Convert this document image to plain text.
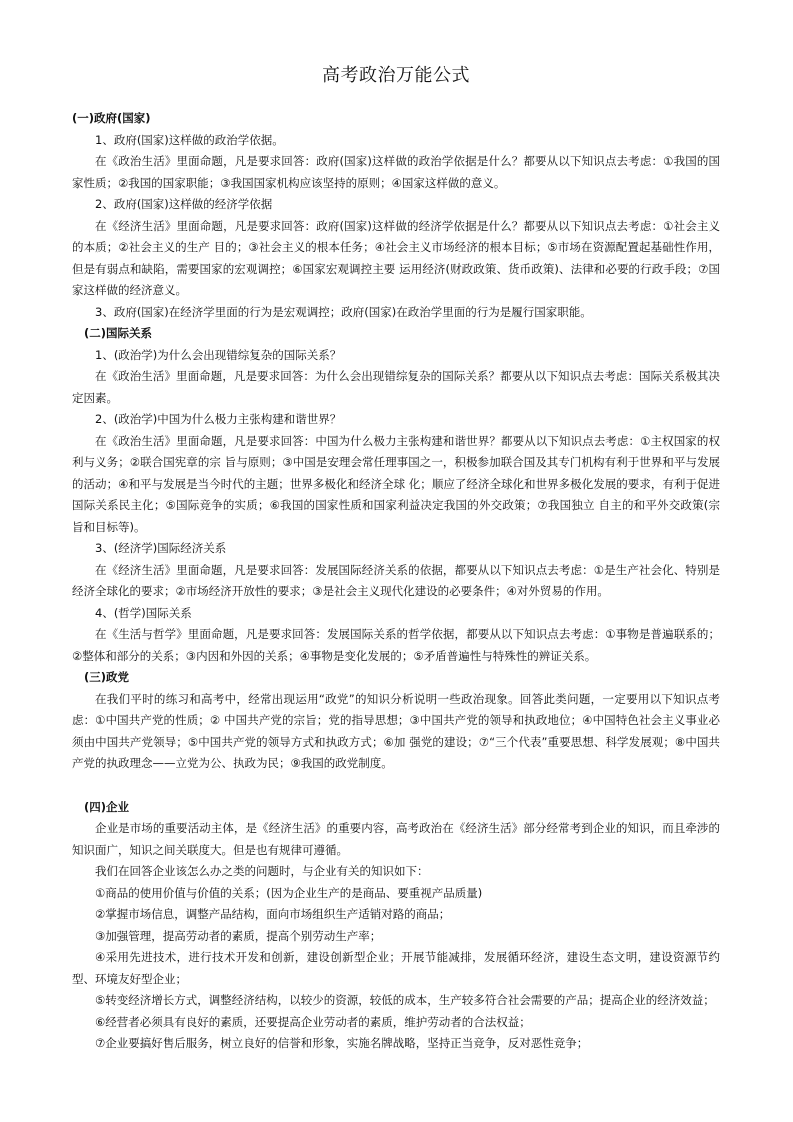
高考政治万能公式

(一)政府(国家)

1、政府(国家)这样做的政治学依据。

在《政治生活》里面命题，凡是要求回答：政府(国家)这样做的政治学依据是什么？都要从以下知识点去考虑：①我国的国家性质；②我国的国家职能；③我国国家机构应该坚持的原则；④国家这样做的意义。

2、政府(国家)这样做的经济学依据

在《经济生活》里面命题，凡是要求回答：政府(国家)这样做的经济学依据是什么？都要从以下知识点去考虑：①社会主义的本质；②社会主义的生产 目的；③社会主义的根本任务；④社会主义市场经济的根本目标；⑤市场在资源配置起基础性作用，但是有弱点和缺陷，需要国家的宏观调控；⑥国家宏观调控主要 运用经济(财政政策、货币政策)、法律和必要的行政手段；⑦国家这样做的经济意义。

3、政府(国家)在经济学里面的行为是宏观调控；政府(国家)在政治学里面的行为是履行国家职能。

(二)国际关系

1、(政治学)为什么会出现错综复杂的国际关系？

在《政治生活》里面命题，凡是要求回答：为什么会出现错综复杂的国际关系？都要从以下知识点去考虑：国际关系极其决定因素。

2、(政治学)中国为什么极力主张构建和谐世界？

在《政治生活》里面命题，凡是要求回答：中国为什么极力主张构建和谐世界？都要从以下知识点去考虑：①主权国家的权利与义务；②联合国宪章的宗 旨与原则；③中国是安理会常任理事国之一，积极参加联合国及其专门机构有利于世界和平与发展的活动；④和平与发展是当今时代的主题；世界多极化和经济全球 化；顺应了经济全球化和世界多极化发展的要求，有利于促进国际关系民主化；⑤国际竞争的实质；⑥我国的国家性质和国家利益决定我国的外交政策；⑦我国独立 自主的和平外交政策(宗旨和目标等)。

3、(经济学)国际经济关系

在《经济生活》里面命题，凡是要求回答：发展国际经济关系的依据，都要从以下知识点去考虑：①是生产社会化、特别是经济全球化的要求；②市场经济开放性的要求；③是社会主义现代化建设的必要条件；④对外贸易的作用。

4、(哲学)国际关系

在《生活与哲学》里面命题，凡是要求回答：发展国际关系的哲学依据，都要从以下知识点去考虑：①事物是普遍联系的；②整体和部分的关系；③内因和外因的关系；④事物是变化发展的；⑤矛盾普遍性与特殊性的辨证关系。

(三)政党

在我们平时的练习和高考中，经常出现运用“政党”的知识分析说明一些政治现象。回答此类问题，一定要用以下知识点考虑：①中国共产党的性质；② 中国共产党的宗旨；党的指导思想；③中国共产党的领导和执政地位；④中国特色社会主义事业必须由中国共产党领导；⑤中国共产党的领导方式和执政方式；⑥加 强党的建设；⑦“三个代表”重要思想、科学发展观；⑧中国共产党的执政理念——立党为公、执政为民；⑨我国的政党制度。

(四)企业

企业是市场的重要活动主体，是《经济生活》的重要内容，高考政治在《经济生活》部分经常考到企业的知识，而且牵涉的知识面广，知识之间关联度大。但是也有规律可遵循。

我们在回答企业该怎么办之类的问题时，与企业有关的知识如下：

①商品的使用价值与价值的关系；(因为企业生产的是商品、要重视产品质量)

②掌握市场信息，调整产品结构，面向市场组织生产适销对路的商品；

③加强管理，提高劳动者的素质，提高个别劳动生产率；

④采用先进技术，进行技术开发和创新，建设创新型企业；开展节能减排，发展循环经济，建设生态文明，建设资源节约型、环境友好型企业；

⑤转变经济增长方式，调整经济结构，以较少的资源，较低的成本，生产较多符合社会需要的产品；提高企业的经济效益；

⑥经营者必须具有良好的素质，还要提高企业劳动者的素质，维护劳动者的合法权益；

⑦企业要搞好售后服务，树立良好的信誉和形象，实施名牌战略，坚持正当竞争，反对恶性竞争；
